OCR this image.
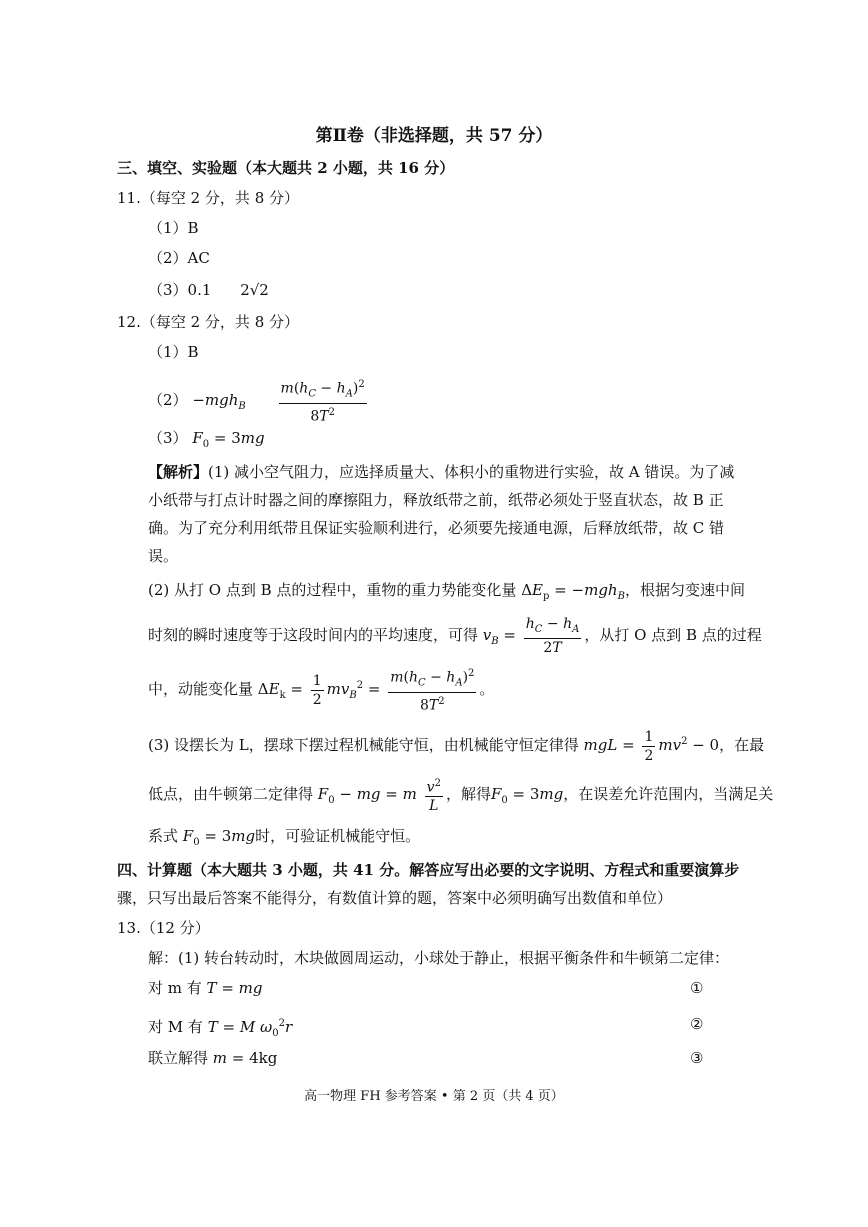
第Ⅱ卷（非选择题，共 57 分）
三、填空、实验题（本大题共 2 小题，共 16 分）
11.（每空 2 分，共 8 分）
（1）B
（2）AC
（3）0.1 2√2
12.（每空 2 分，共 8 分）
（1）B
$(2) -mgh_B \frac{m(h_C - h_A)^2}{8T^2}$
（3） $F_0 = 3mg$
【解析】(1) 减小空气阻力，应选择质量大、体积小的重物进行实验，故 A 错误。为了减
小纸带与打点计时器之间的摩擦阻力，释放纸带之前，纸带必须处于竖直状态，故 B 正
确。为了充分利用纸带且保证实验顺利进行，必须要先接通电源，后释放纸带，故 C 错
误。
(2) 从打 O 点到 B 点的过程中，重物的重力势能变化量 $\Delta E_p = -mgh_B$，根据匀变速中间
时刻的瞬时速度等于这段时间内的平均速度，可得 $v_B = \frac{h_C - h_A}{2T}$ ，从打 O 点到 B 点的过程
中，动能变化量 $\Delta E_k = \frac{1}{2} mv_B^2 = \frac{m(h_C - h_A)^2}{8T^2}$ 。
(3) 设摆长为 L，摆球下摆过程机械能守恒，由机械能守恒定律得 mgL = $\frac{1}{2} mv^2 - 0$，在最
低点，由牛顿第二定律得 $F_0$ − mg = m $\frac{v^2}{L}$ ，解得$F_0 = 3mg$，在误差允许范围内，当满足关
系式 $F_0 = 3mg$时，可验证机械能守恒。
四、计算题（本大题共 3 小题，共 41 分。解答应写出必要的文字说明、方程式和重要演算步
骤，只写出最后答案不能得分，有数值计算的题，答案中必须明确写出数值和单位）
13.（12 分）
解：(1) 转台转动时，木块做圆周运动，小球处于静止，根据平衡条件和牛顿第二定律：
对 m 有 T = mg	①
对 M 有 T = M $\omega_0^2r$	②
联立解得 m = 4kg	③
高一物理 FH 参考答案 • 第 2 页（共 4 页）
